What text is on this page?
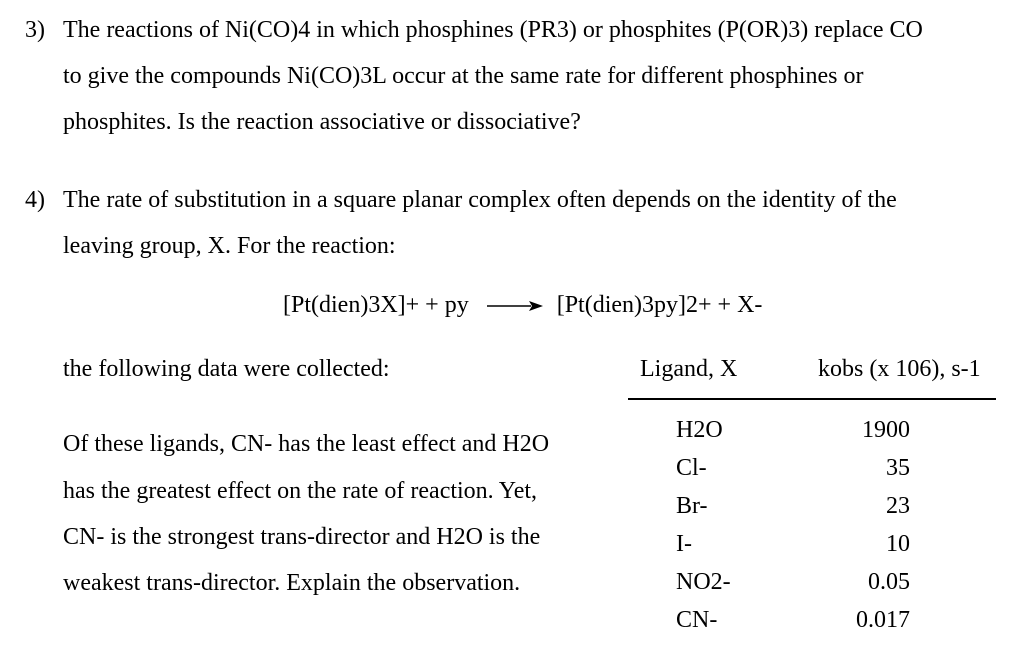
3) The reactions of Ni(CO)4 in which phosphines (PR3) or phosphites (P(OR)3) replace CO
to give the compounds Ni(CO)3L occur at the same rate for different phosphines or
phosphites. Is the reaction associative or dissociative?
4) The rate of substitution in a square planar complex often depends on the identity of the
leaving group, X. For the reaction:
[Pt(dien)3X]+ + py → [Pt(dien)3py]2+ + X-
the following data were collected:	Ligand, X	kobs (x 106), s-1
Of these ligands, CN- has the least effect and H2O
has the greatest effect on the rate of reaction. Yet,
CN- is the strongest trans-director and H2O is the
weakest trans-director. Explain the observation.
H2O	1900
Cl-	35
Br-	23
I-	10
NO2-	0.05
CN-	0.017
